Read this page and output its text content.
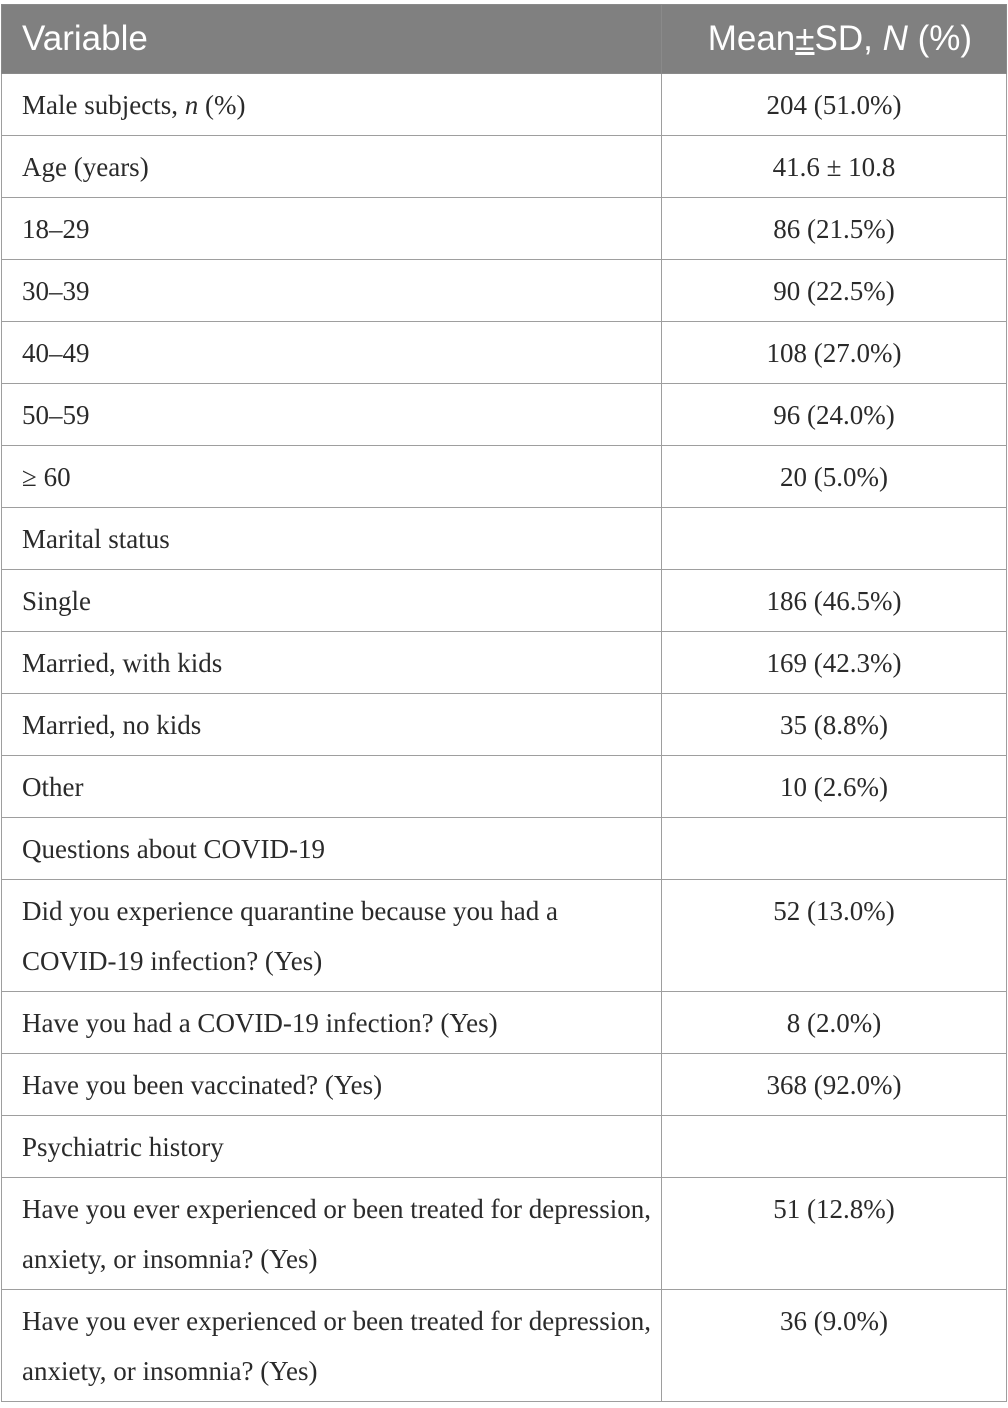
Variable	Mean±SD, N (%)
Male subjects, n (%)	204 (51.0%)
Age (years)	41.6 ± 10.8
18–29	86 (21.5%)
30–39	90 (22.5%)
40–49	108 (27.0%)
50–59	96 (24.0%)
≥ 60	20 (5.0%)
Marital status	
Single	186 (46.5%)
Married, with kids	169 (42.3%)
Married, no kids	35 (8.8%)
Other	10 (2.6%)
Questions about COVID-19	
Did you experience quarantine because you had a COVID-19 infection? (Yes)	52 (13.0%)
Have you had a COVID-19 infection? (Yes)	8 (2.0%)
Have you been vaccinated? (Yes)	368 (92.0%)
Psychiatric history	
Have you ever experienced or been treated for depression, anxiety, or insomnia? (Yes)	51 (12.8%)
Have you ever experienced or been treated for depression, anxiety, or insomnia? (Yes)	36 (9.0%)
